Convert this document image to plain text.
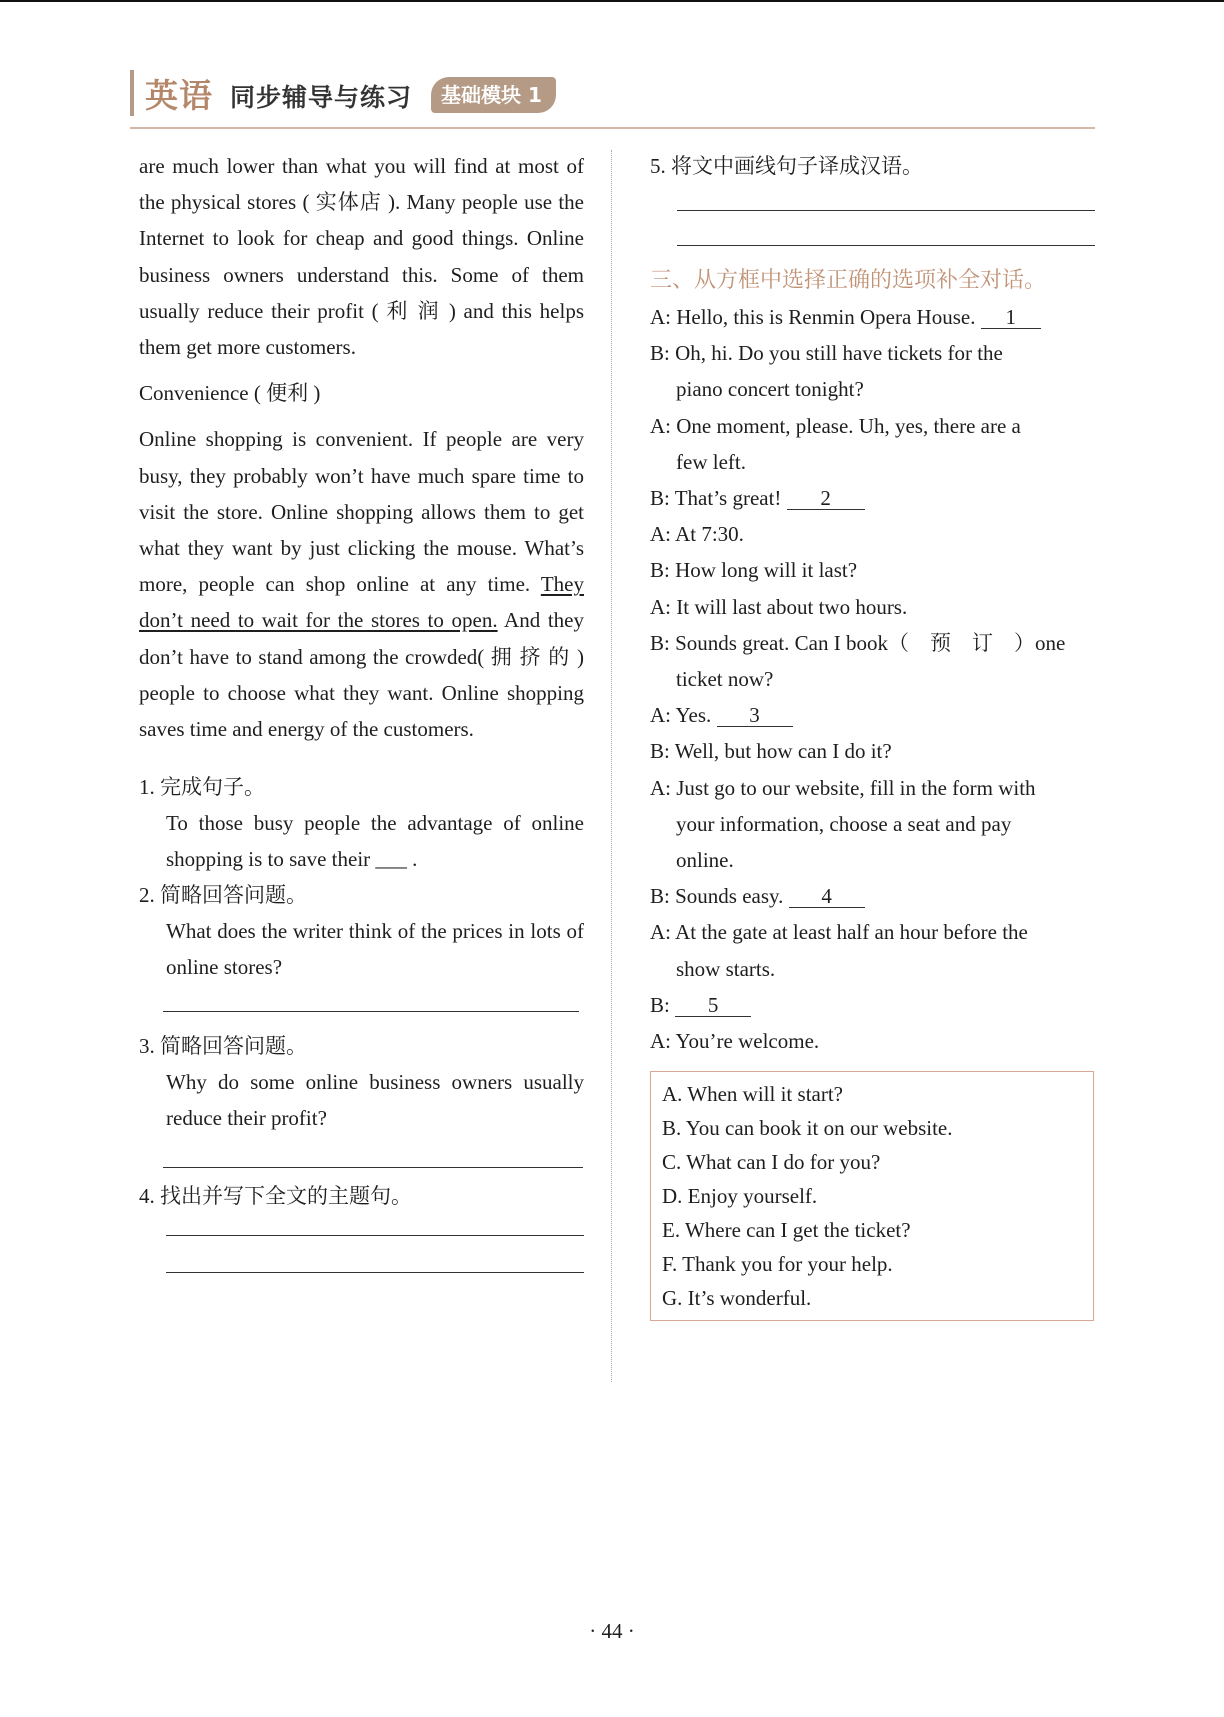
英语 同步辅导与练习	基础模块 1

are much lower than what you will find at most of the physical stores ( 实体店 ). Many people use the Internet to look for cheap and good things. Online business owners understand this. Some of them usually reduce their profit ( 利 润 ) and this helps them get more customers.

Convenience ( 便利 )

Online shopping is convenient. If people are very busy, they probably won’t have much spare time to visit the store. Online shopping allows them to get what they want by just clicking the mouse. What’s more, people can shop online at any time. They don’t need to wait for the stores to open. And they don’t have to stand among the crowded( 拥 挤 的 ) people to choose what they want. Online shopping saves time and energy of the customers.

1. 完成句子。

To those busy people the advantage of online shopping is to save their ___ .

2. 简略回答问题。

What does the writer think of the prices in lots of online stores?

3. 简略回答问题。

Why do some online business owners usually reduce their profit?

4. 找出并写下全文的主题句。

5. 将文中画线句子译成汉语。

三、从方框中选择正确的选项补全对话。

A: Hello, this is Renmin Opera House. 1

B: Oh, hi. Do you still have tickets for the
piano concert tonight?

A: One moment, please. Uh, yes, there are a
few left.

B: That’s great! 2

A: At 7:30.

B: How long will it last?

A: It will last about two hours.

B: Sounds great. Can I book（　预　订　）one
ticket now?

A: Yes. 3

B: Well, but how can I do it?

A: Just go to our website, fill in the form with
your information, choose a seat and pay
online.

B: Sounds easy. 4

A: At the gate at least half an hour before the
show starts.

B: 5

A: You’re welcome.

A. When will it start?

B. You can book it on our website.

C. What can I do for you?

D. Enjoy yourself.

E. Where can I get the ticket?

F. Thank you for your help.

G. It’s wonderful.

· 44 ·
